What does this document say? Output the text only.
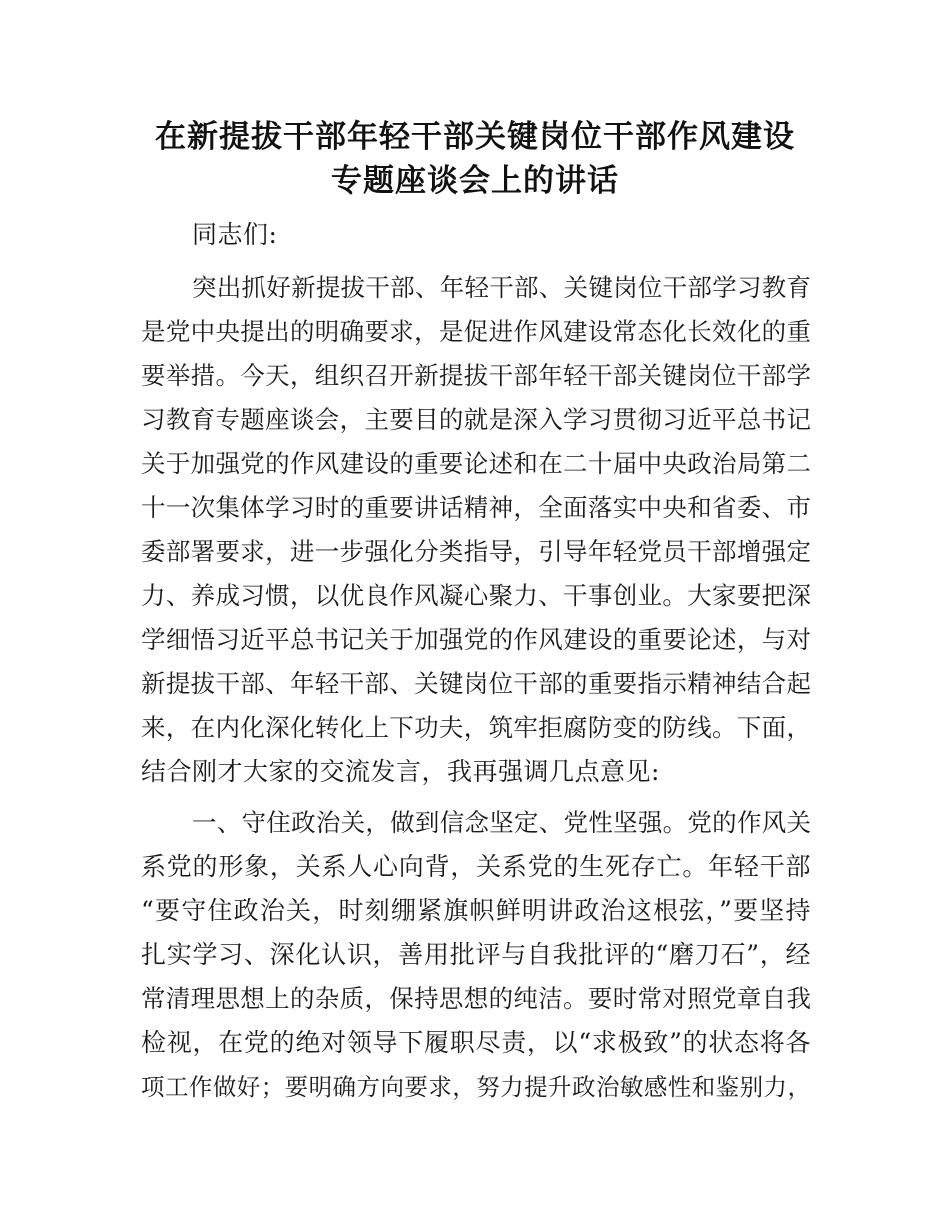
在新提拔干部年轻干部关键岗位干部作风建设
专题座谈会上的讲话
同志们:
突出抓好新提拔干部、年轻干部、关键岗位干部学习教育
是党中央提出的明确要求，是促进作风建设常态化长效化的重
要举措。今天，组织召开新提拔干部年轻干部关键岗位干部学
习教育专题座谈会，主要目的就是深入学习贯彻习近平总书记
关于加强党的作风建设的重要论述和在二十届中央政治局第二
十一次集体学习时的重要讲话精神，全面落实中央和省委、市
委部署要求，进一步强化分类指导，引导年轻党员干部增强定
力、养成习惯，以优良作风凝心聚力、干事创业。大家要把深
学细悟习近平总书记关于加强党的作风建设的重要论述，与对
新提拔干部、年轻干部、关键岗位干部的重要指示精神结合起
来，在内化深化转化上下功夫，筑牢拒腐防变的防线。下面，
结合刚才大家的交流发言，我再强调几点意见:
一、守住政治关，做到信念坚定、党性坚强。党的作风关
系党的形象，关系人心向背，关系党的生死存亡。年轻干部
“要守住政治关，时刻绷紧旗帜鲜明讲政治这根弦，”要坚持
扎实学习、深化认识，善用批评与自我批评的“磨刀石”，经
常清理思想上的杂质，保持思想的纯洁。要时常对照党章自我
检视，在党的绝对领导下履职尽责，以“求极致”的状态将各
项工作做好；要明确方向要求，努力提升政治敏感性和鉴别力，
